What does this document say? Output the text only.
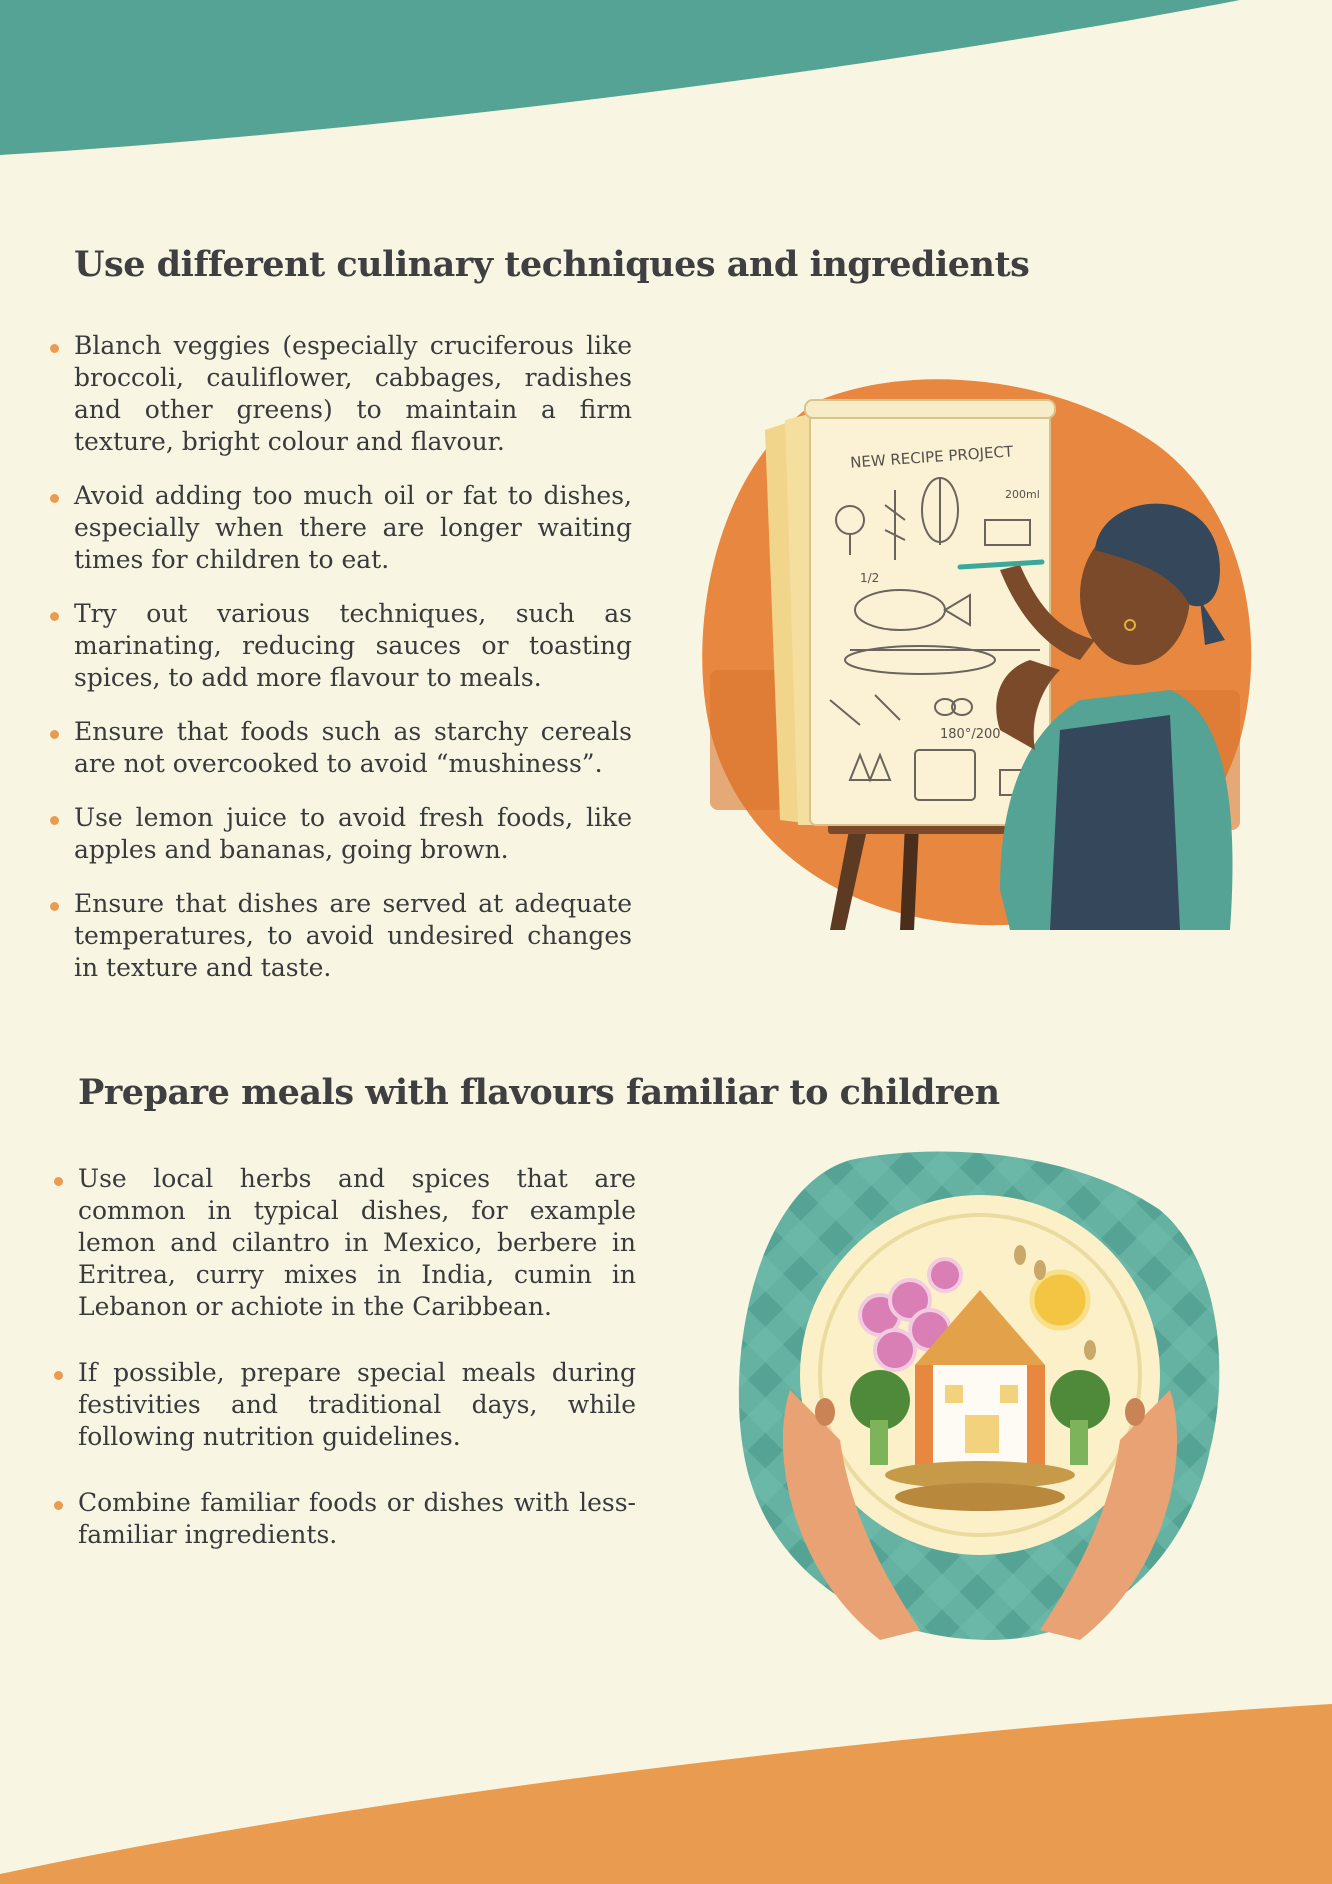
Use different culinary techniques and ingredients
Blanch veggies (especially cruciferous like broccoli, cauliflower, cabbages, radishes and other greens) to maintain a firm texture, bright colour and flavour.
Avoid adding too much oil or fat to dishes, especially when there are longer waiting times for children to eat.
Try out various techniques, such as marinating, reducing sauces or toasting spices, to add more flavour to meals.
Ensure that foods such as starchy cereals are not overcooked to avoid “mushiness”.
Use lemon juice to avoid fresh foods, like apples and bananas, going brown.
Ensure that dishes are served at adequate temperatures, to avoid undesired changes in texture and taste.
NEW RECIPE PROJECT
200ml
1/2
180°/200°
Prepare meals with flavours familiar to children
Use local herbs and spices that are common in typical dishes, for example lemon and cilantro in Mexico, berbere in Eritrea, curry mixes in India, cumin in Lebanon or achiote in the Caribbean.
If possible, prepare special meals during festivities and traditional days, while following nutrition guidelines.
Combine familiar foods or dishes with less-familiar ingredients.
